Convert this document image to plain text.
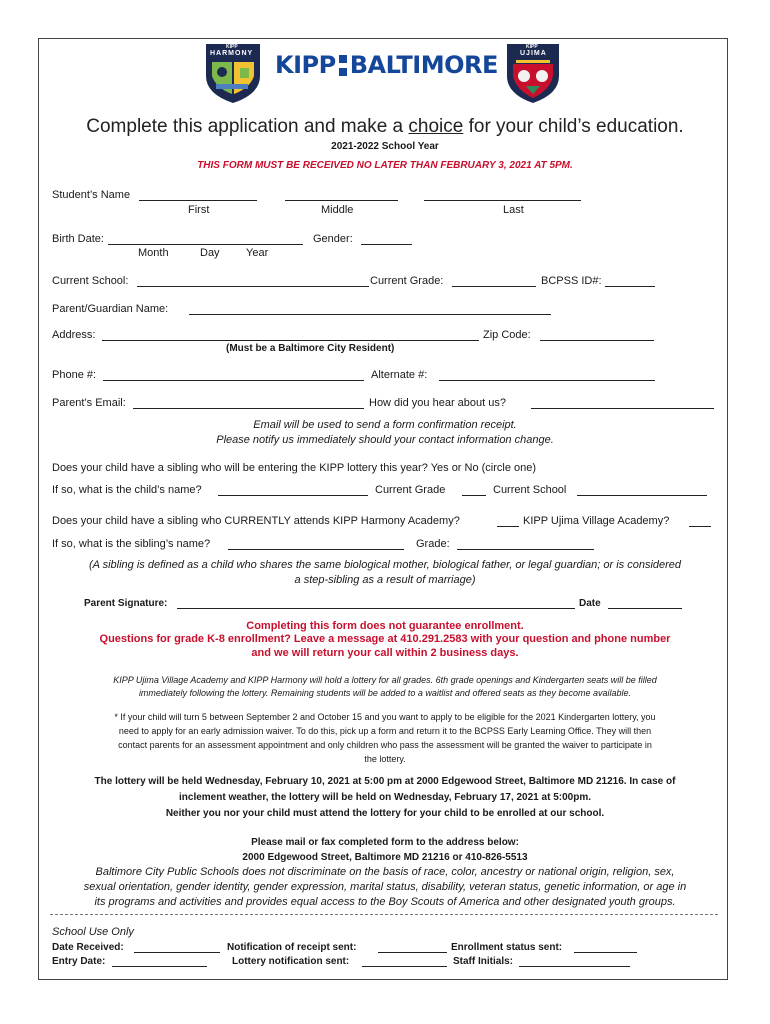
KIPP
HARMONY KIPP BALTIMORE
KIPP
UJIMA
Complete this application and make a choice for your child’s education.
2021-2022 School Year
THIS FORM MUST BE RECEIVED NO LATER THAN FEBRUARY 3, 2021 AT 5PM.
Student’s Name
First	Middle	Last
Birth Date:	Gender:
Month	Day Year
Current School:	Current Grade:	BCPSS ID#:
Parent/Guardian Name:
Address:	Zip Code:
(Must be a Baltimore City Resident)
Phone #:	Alternate #:
Parent’s Email:	How did you hear about us?
Email will be used to send a form confirmation receipt.
Please notify us immediately should your contact information change.
Does your child have a sibling who will be entering the KIPP lottery this year? Yes or No (circle one)
If so, what is the child’s name?	Current Grade	Current School
Does your child have a sibling who CURRENTLY attends KIPP Harmony Academy?	KIPP Ujima Village Academy?
If so, what is the sibling’s name?	Grade:
(A sibling is defined as a child who shares the same biological mother, biological father, or legal guardian; or is considered
a step-sibling as a result of marriage)
Parent Signature:	Date
Completing this form does not guarantee enrollment.
Questions for grade K-8 enrollment? Leave a message at 410.291.2583 with your question and phone number
and we will return your call within 2 business days.
KIPP Ujima Village Academy and KIPP Harmony will hold a lottery for all grades. 6th grade openings and Kindergarten seats will be filled
immediately following the lottery. Remaining students will be added to a waitlist and offered seats as they become available.
* If your child will turn 5 between September 2 and October 15 and you want to apply to be eligible for the 2021 Kindergarten lottery, you
need to apply for an early admission waiver. To do this, pick up a form and return it to the BCPSS Early Learning Office. They will then
contact parents for an assessment appointment and only children who pass the assessment will be granted the waiver to participate in
the lottery.
The lottery will be held Wednesday, February 10, 2021 at 5:00 pm at 2000 Edgewood Street, Baltimore MD 21216. In case of
inclement weather, the lottery will be held on Wednesday, February 17, 2021 at 5:00pm.
Neither you nor your child must attend the lottery for your child to be enrolled at our school.
Please mail or fax completed form to the address below:
2000 Edgewood Street, Baltimore MD 21216 or 410-826-5513
Baltimore City Public Schools does not discriminate on the basis of race, color, ancestry or national origin, religion, sex,
sexual orientation, gender identity, gender expression, marital status, disability, veteran status, genetic information, or age in
its programs and activities and provides equal access to the Boy Scouts of America and other designated youth groups.
School Use Only
Date Received:	Notification of receipt sent:	Enrollment status sent:
Entry Date:	Lottery notification sent:	Staff Initials:
